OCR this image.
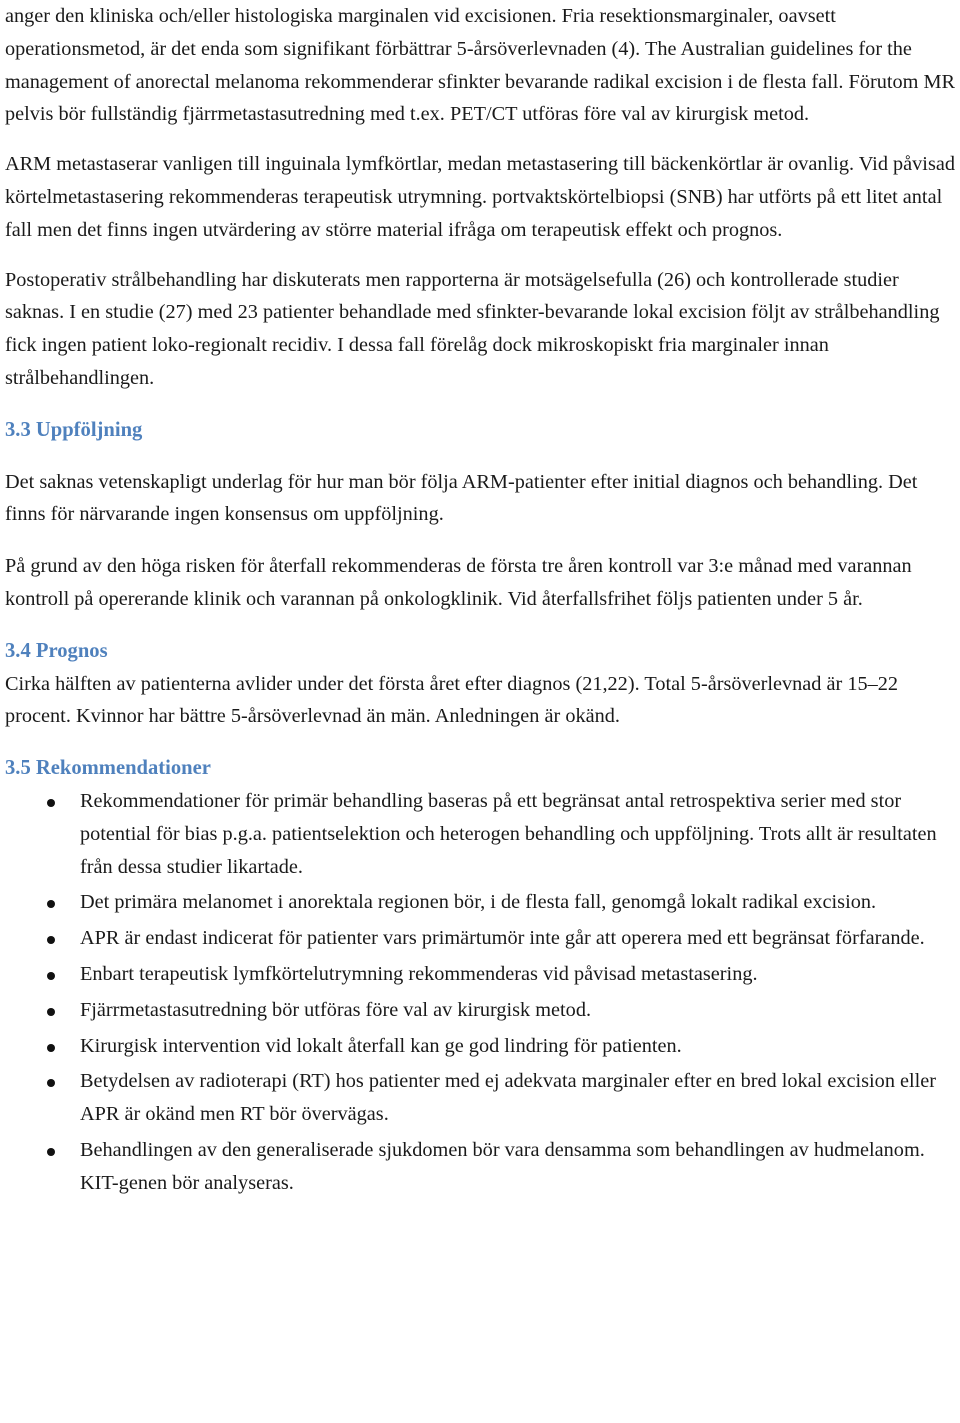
anger den kliniska och/eller histologiska marginalen vid excisionen. Fria resektionsmarginaler, oavsett operationsmetod, är det enda som signifikant förbättrar 5-årsöverlevnaden (4). The Australian guidelines for the management of anorectal melanoma rekommenderar sfinkter bevarande radikal excision i de flesta fall. Förutom MR pelvis bör fullständig fjärrmetastasutredning med t.ex. PET/CT utföras före val av kirurgisk metod.

ARM metastaserar vanligen till inguinala lymfkörtlar, medan metastasering till bäckenkörtlar är ovanlig. Vid påvisad körtelmetastasering rekommenderas terapeutisk utrymning. portvaktskörtelbiopsi (SNB) har utförts på ett litet antal fall men det finns ingen utvärdering av större material ifråga om terapeutisk effekt och prognos.

Postoperativ strålbehandling har diskuterats men rapporterna är motsägelsefulla (26) och kontrollerade studier saknas. I en studie (27) med 23 patienter behandlade med sfinkter-bevarande lokal excision följt av strålbehandling fick ingen patient loko-regionalt recidiv. I dessa fall förelåg dock mikroskopiskt fria marginaler innan strålbehandlingen.

3.3 Uppföljning

Det saknas vetenskapligt underlag för hur man bör följa ARM-patienter efter initial diagnos och behandling. Det finns för närvarande ingen konsensus om uppföljning.

På grund av den höga risken för återfall rekommenderas de första tre åren kontroll var 3:e månad med varannan kontroll på opererande klinik och varannan på onkologklinik. Vid återfallsfrihet följs patienten under 5 år.

3.4 Prognos

Cirka hälften av patienterna avlider under det första året efter diagnos (21,22). Total 5-årsöverlevnad är 15–22 procent. Kvinnor har bättre 5-årsöverlevnad än män. Anledningen är okänd.

3.5 Rekommendationer
Rekommendationer för primär behandling baseras på ett begränsat antal retrospektiva serier med stor potential för bias p.g.a. patientselektion och heterogen behandling och uppföljning. Trots allt är resultaten från dessa studier likartade.
Det primära melanomet i anorektala regionen bör, i de flesta fall, genomgå lokalt radikal excision.
APR är endast indicerat för patienter vars primärtumör inte går att operera med ett begränsat förfarande.
Enbart terapeutisk lymfkörtelutrymning rekommenderas vid påvisad metastasering.
Fjärrmetastasutredning bör utföras före val av kirurgisk metod.
Kirurgisk intervention vid lokalt återfall kan ge god lindring för patienten.
Betydelsen av radioterapi (RT) hos patienter med ej adekvata marginaler efter en bred lokal excision eller APR är okänd men RT bör övervägas.
Behandlingen av den generaliserade sjukdomen bör vara densamma som behandlingen av hudmelanom. KIT-genen bör analyseras.
